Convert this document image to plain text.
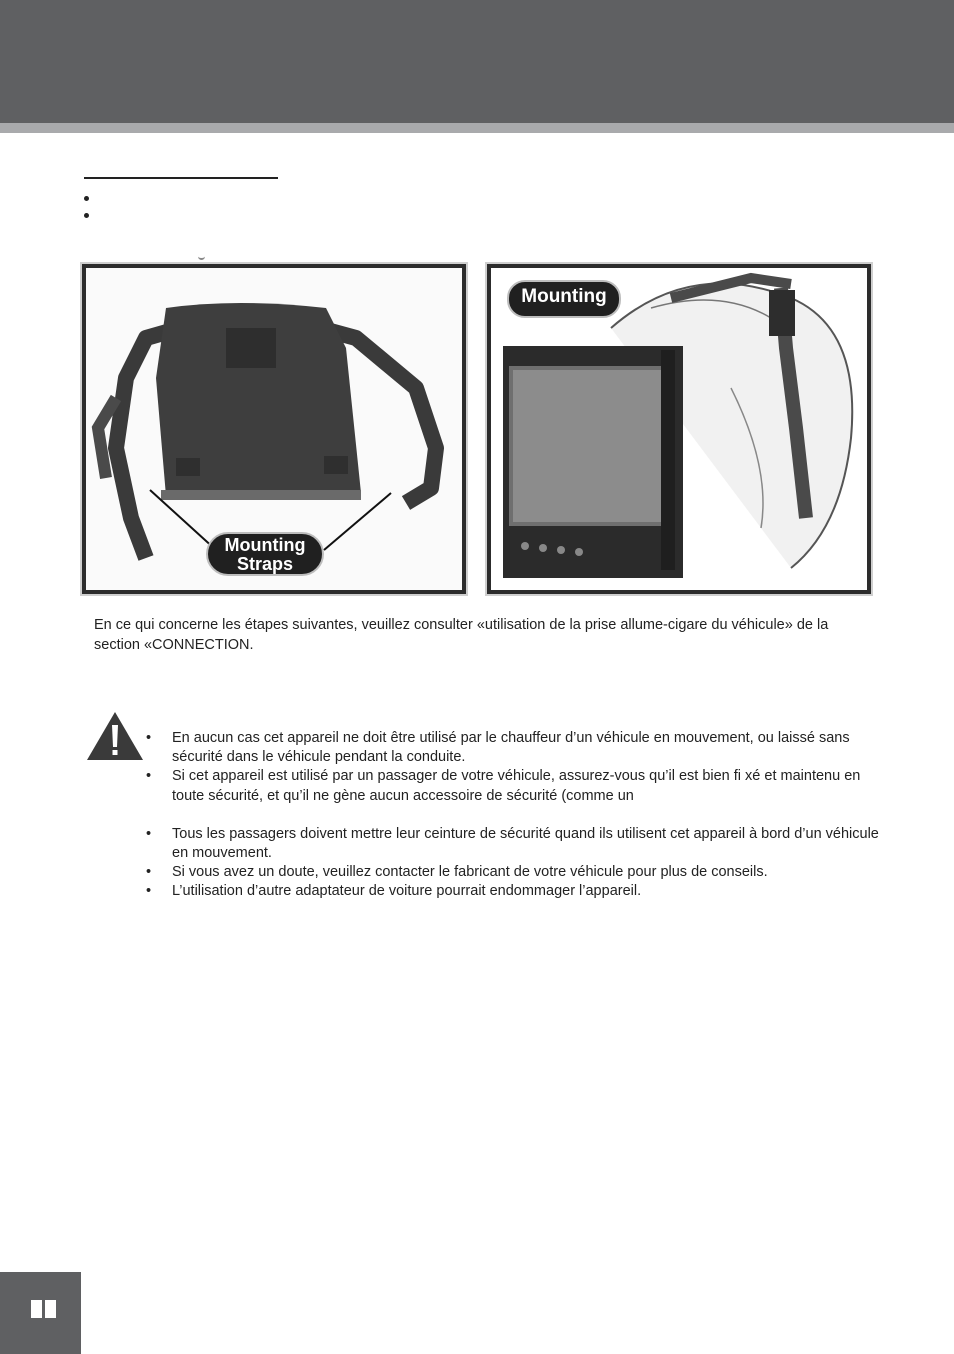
Mounting
Straps
Mounting
En ce qui concerne les étapes suivantes, veuillez consulter «utilisation de la prise allume-cigare du véhicule» de la section «CONNECTION.
• En aucun cas cet appareil ne doit être utilisé par le chauffeur d’un véhicule en mouvement, ou laissé sans sécurité dans le véhicule pendant la conduite.
• Si cet appareil est utilisé par un passager de votre véhicule, assurez-vous qu’il est bien fi xé et maintenu en toute sécurité, et qu’il ne gène aucun accessoire de sécurité (comme un
• Tous les passagers doivent mettre leur ceinture de sécurité quand ils utilisent cet appareil à bord d’un véhicule en mouvement.
• Si vous avez un doute, veuillez contacter le fabricant de votre véhicule pour plus de conseils.
• L’utilisation d’autre adaptateur de voiture pourrait endommager l’appareil.
